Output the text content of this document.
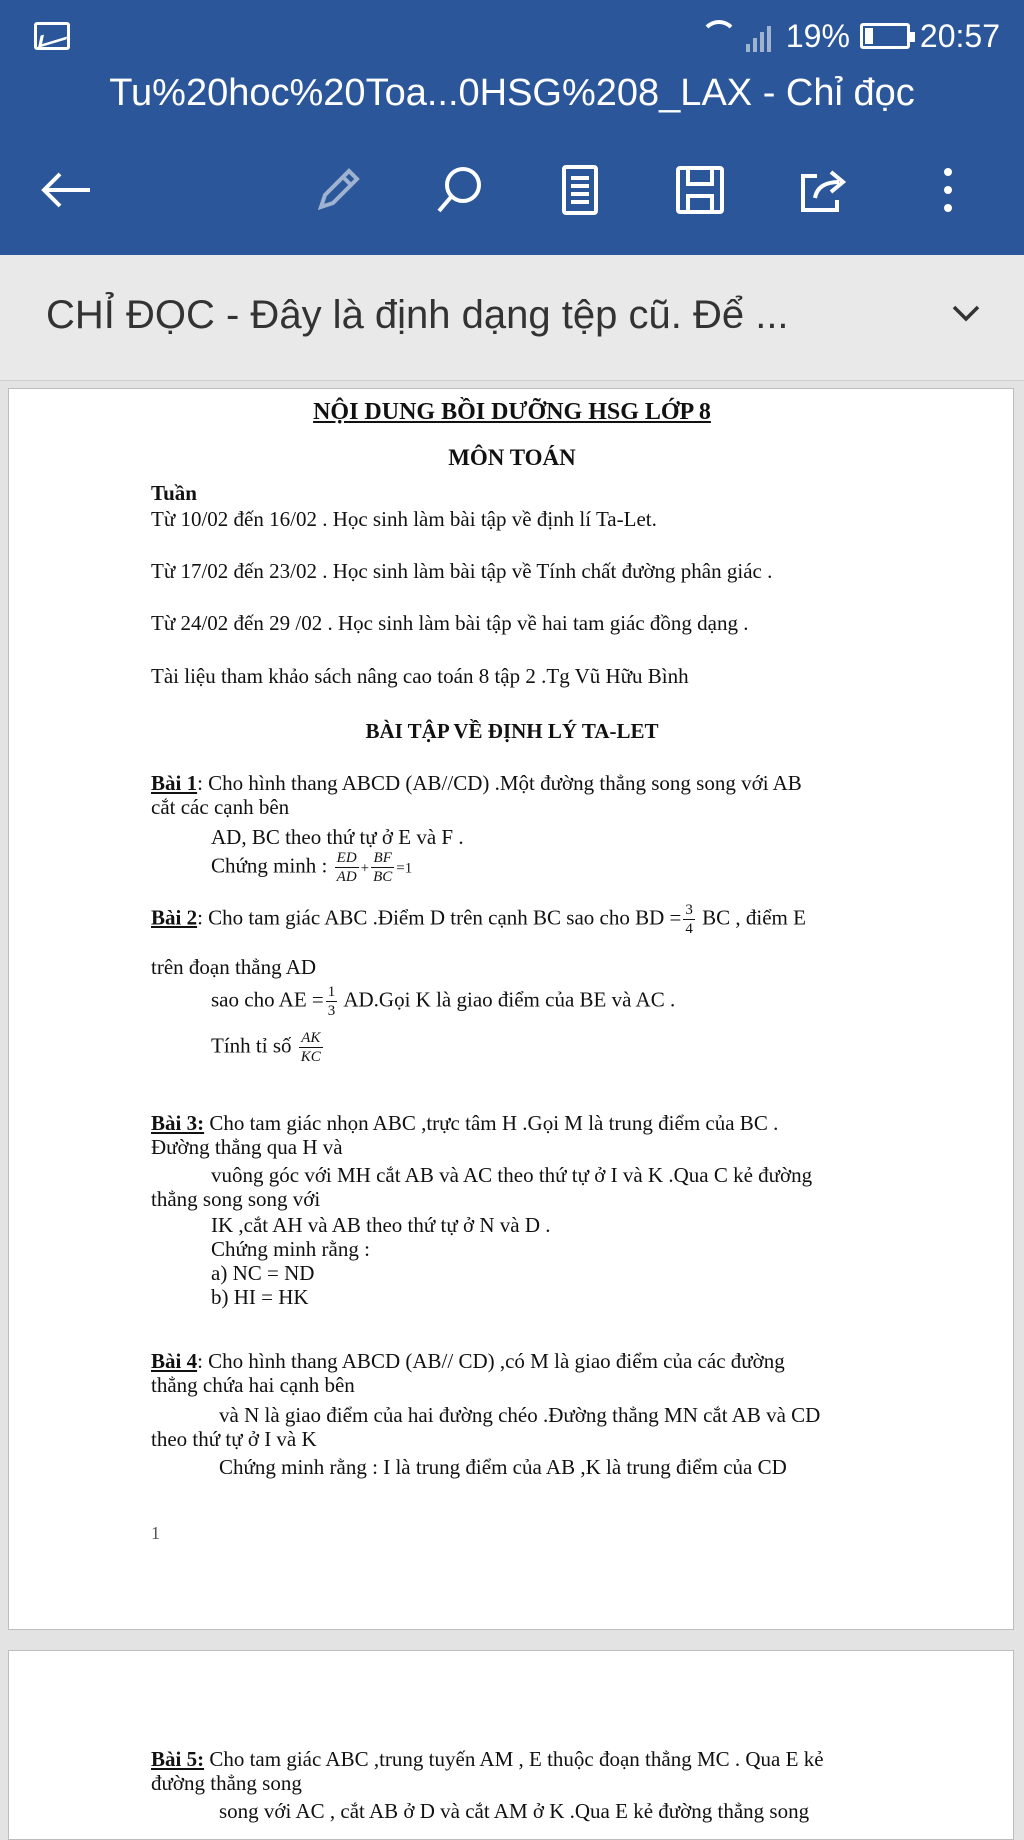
19% 20:57
Tu%20hoc%20Toa...0HSG%208_LAX - Chỉ đọc
CHỈ ĐỌC - Đây là định dạng tệp cũ. Để ...
NỘI DUNG BỒI DƯỠNG HSG LỚP 8
MÔN TOÁN
Tuần
Từ 10/02 đến 16/02 . Học sinh làm bài tập về định lí Ta-Let.
Từ 17/02 đến 23/02 . Học sinh làm bài tập về Tính chất đường phân giác .
Từ 24/02 đến 29 /02 . Học sinh làm bài tập về hai tam giác đồng dạng .
Tài liệu tham khảo sách nâng cao toán 8 tập 2 .Tg Vũ Hữu Bình
BÀI TẬP VỀ ĐỊNH LÝ TA-LET
Bài 1: Cho hình thang ABCD (AB//CD) .Một đường thẳng song song với AB
cắt các cạnh bên
AD, BC theo thứ tự ở E và F .
Chứng minh : $\frac{ED}{AD} + \frac{BF}{BC} =1$
Bài 2: Cho tam giác ABC .Điểm D trên cạnh BC sao cho BD = $\frac{3}{4}$ BC , điểm E
trên đoạn thẳng AD
sao cho AE = $\frac{1}{3}$ AD.Gọi K là giao điểm của BE và AC .
Tính tỉ số $\frac{AK}{KC}$
Bài 3: Cho tam giác nhọn ABC ,trực tâm H .Gọi M là trung điểm của BC .
Đường thẳng qua H và
vuông góc với MH cắt AB và AC theo thứ tự ở I và K .Qua C kẻ đường
thẳng song song với
IK ,cắt AH và AB theo thứ tự ở N và D .
Chứng minh rằng :
a) NC = ND
b) HI = HK
Bài 4: Cho hình thang ABCD (AB// CD) ,có M là giao điểm của các đường
thẳng chứa hai cạnh bên
và N là giao điểm của hai đường chéo .Đường thẳng MN cắt AB và CD
theo thứ tự ở I và K
Chứng minh rằng : I là trung điểm của AB ,K là trung điểm của CD
1
Bài 5: Cho tam giác ABC ,trung tuyến AM , E thuộc đoạn thẳng MC . Qua E kẻ
đường thẳng song
song với AC , cắt AB ở D và cắt AM ở K .Qua E kẻ đường thẳng song
